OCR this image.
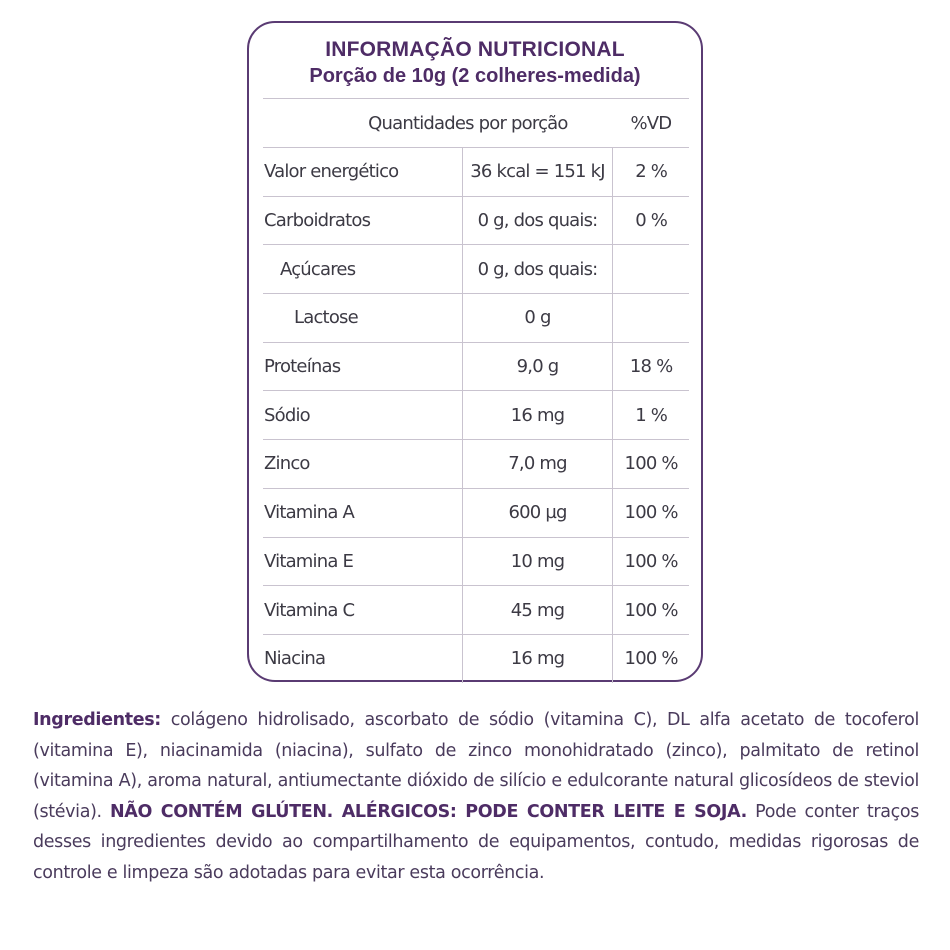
INFORMAÇÃO NUTRICIONAL
Porção de 10g (2 colheres-medida)
Quantidades por porção		%VD
Valor energético	36 kcal = 151 kJ	2 %
Carboidratos	0 g, dos quais:	0 %
Açúcares	0 g, dos quais:	
Lactose	0 g	
Proteínas	9,0 g	18 %
Sódio	16 mg	1 %
Zinco	7,0 mg	100 %
Vitamina A	600 µg	100 %
Vitamina E	10 mg	100 %
Vitamina C	45 mg	100 %
Niacina	16 mg	100 %
Ingredientes: colágeno hidrolisado, ascorbato de sódio (vitamina C), DL alfa acetato de tocoferol (vitamina E), niacinamida (niacina), sulfato de zinco monohidratado (zinco), palmitato de retinol (vitamina A), aroma natural, antiumectante dióxido de silício e edulcorante natural glicosídeos de steviol (stévia). NÃO CONTÉM GLÚTEN. ALÉRGICOS: PODE CONTER LEITE E SOJA. Pode conter traços desses ingredientes devido ao compartilhamento de equipamentos, contudo, medidas rigorosas de controle e limpeza são adotadas para evitar esta ocorrência.
